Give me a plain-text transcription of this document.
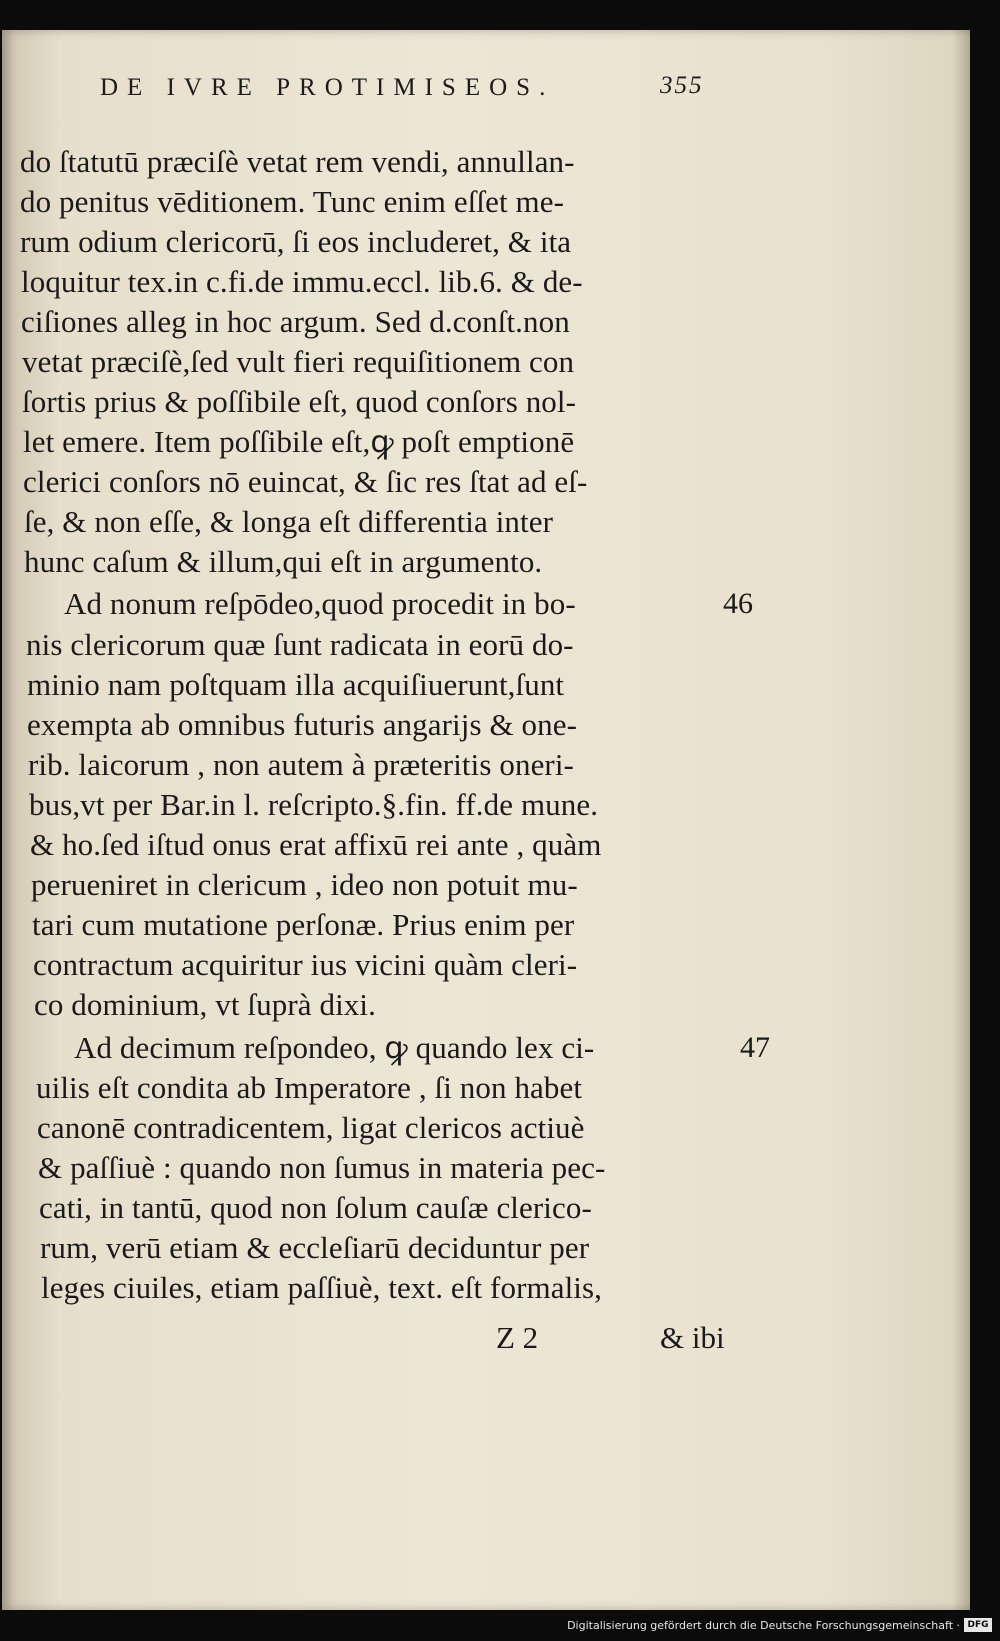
DE IVRE PROTIMISEOS.	355

do ſtatutū præciſè vetat rem vendi, annullan-

do penitus vēditionem. Tunc enim eſſet me-

rum odium clericorū, ſi eos includeret, & ita

loquitur tex.in c.fi.de immu.eccl. lib.6. & de-

ciſiones alleg in hoc argum. Sed d.conſt.non

vetat præciſè,ſed vult fieri requiſitionem con

ſortis prius & poſſibile eſt, quod conſors nol-

let emere. Item poſſibile eſt,ꝙ poſt emptionē

clerici conſors nō euincat, & ſic res ſtat ad eſ-

ſe, & non eſſe, & longa eſt differentia inter

hunc caſum & illum,qui eſt in argumento.

Ad nonum reſpōdeo,quod procedit in bo-

nis clericorum quæ ſunt radicata in eorū do-

minio nam poſtquam illa acquiſiuerunt,ſunt

exempta ab omnibus futuris angarijs & one-

rib. laicorum , non autem à præteritis oneri-

bus,vt per Bar.in l. reſcripto.§.fin. ff.de mune.

& ho.ſed iſtud onus erat affixū rei ante , quàm

perueniret in clericum , ideo non potuit mu-

tari cum mutatione perſonæ. Prius enim per

contractum acquiritur ius vicini quàm cleri-

co dominium, vt ſuprà dixi.

Ad decimum reſpondeo, ꝙ quando lex ci-

uilis eſt condita ab Imperatore , ſi non habet

canonē contradicentem, ligat clericos actiuè

& paſſiuè : quando non ſumus in materia pec-

cati, in tantū, quod non ſolum cauſæ clerico-

rum, verū etiam & eccleſiarū deciduntur per

leges ciuiles, etiam paſſiuè, text. eſt formalis,

46
47
Z 2	& ibi
Digitalisierung gefördert durch die Deutsche Forschungsgemeinschaft · DFG
